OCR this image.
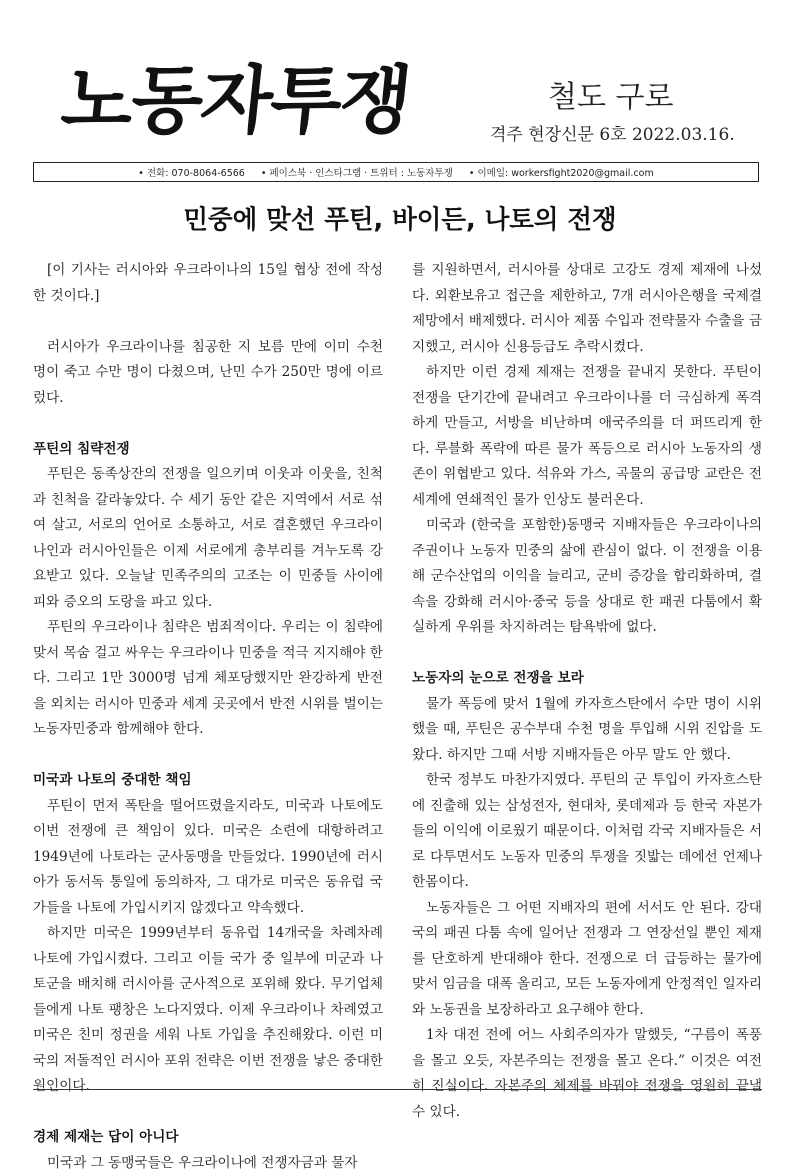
노동자투쟁	철도 구로
격주 현장신문 6호 2022.03.16.
• 전화: 070-8064-6566 • 페이스북 · 인스타그램 · 트위터 : 노동자투쟁 • 이메일: workersfight2020@gmail.com
민중에 맞선 푸틴, 바이든, 나토의 전쟁

[이 기사는 러시아와 우크라이나의 15일 협상 전에 작성한 것이다.]

러시아가 우크라이나를 침공한 지 보름 만에 이미 수천 명이 죽고 수만 명이 다쳤으며, 난민 수가 250만 명에 이르렀다.

푸틴의 침략전쟁

푸틴은 동족상잔의 전쟁을 일으키며 이웃과 이웃을, 친척과 친척을 갈라놓았다. 수 세기 동안 같은 지역에서 서로 섞여 살고, 서로의 언어로 소통하고, 서로 결혼했던 우크라이나인과 러시아인들은 이제 서로에게 총부리를 겨누도록 강요받고 있다. 오늘날 민족주의의 고조는 이 민중들 사이에 피와 증오의 도랑을 파고 있다.

푸틴의 우크라이나 침략은 범죄적이다. 우리는 이 침략에 맞서 목숨 걸고 싸우는 우크라이나 민중을 적극 지지해야 한다. 그리고 1만 3000명 넘게 체포당했지만 완강하게 반전을 외치는 러시아 민중과 세계 곳곳에서 반전 시위를 벌이는 노동자민중과 함께해야 한다.

미국과 나토의 중대한 책임

푸틴이 먼저 폭탄을 떨어뜨렸을지라도, 미국과 나토에도 이번 전쟁에 큰 책임이 있다. 미국은 소련에 대항하려고 1949년에 나토라는 군사동맹을 만들었다. 1990년에 러시아가 동서독 통일에 동의하자, 그 대가로 미국은 동유럽 국가들을 나토에 가입시키지 않겠다고 약속했다.

하지만 미국은 1999년부터 동유럽 14개국을 차례차례 나토에 가입시켰다. 그리고 이들 국가 중 일부에 미군과 나토군을 배치해 러시아를 군사적으로 포위해 왔다. 무기업체들에게 나토 팽창은 노다지였다. 이제 우크라이나 차례였고 미국은 친미 정권을 세워 나토 가입을 추진해왔다. 이런 미국의 저돌적인 러시아 포위 전략은 이번 전쟁을 낳은 중대한 원인이다.

경제 제재는 답이 아니다

미국과 그 동맹국들은 우크라이나에 전쟁자금과 물자

를 지원하면서, 러시아를 상대로 고강도 경제 제재에 나섰다. 외환보유고 접근을 제한하고, 7개 러시아은행을 국제결제망에서 배제했다. 러시아 제품 수입과 전략물자 수출을 금지했고, 러시아 신용등급도 추락시켰다.

하지만 이런 경제 제재는 전쟁을 끝내지 못한다. 푸틴이 전쟁을 단기간에 끝내려고 우크라이나를 더 극심하게 폭격하게 만들고, 서방을 비난하며 애국주의를 더 퍼뜨리게 한다. 루블화 폭락에 따른 물가 폭등으로 러시아 노동자의 생존이 위협받고 있다. 석유와 가스, 곡물의 공급망 교란은 전 세계에 연쇄적인 물가 인상도 불러온다.

미국과 (한국을 포함한)동맹국 지배자들은 우크라이나의 주권이나 노동자 민중의 삶에 관심이 없다. 이 전쟁을 이용해 군수산업의 이익을 늘리고, 군비 증강을 합리화하며, 결속을 강화해 러시아·중국 등을 상대로 한 패권 다툼에서 확실하게 우위를 차지하려는 탐욕밖에 없다.

노동자의 눈으로 전쟁을 보라

물가 폭등에 맞서 1월에 카자흐스탄에서 수만 명이 시위했을 때, 푸틴은 공수부대 수천 명을 투입해 시위 진압을 도왔다. 하지만 그때 서방 지배자들은 아무 말도 안 했다.

한국 정부도 마찬가지였다. 푸틴의 군 투입이 카자흐스탄에 진출해 있는 삼성전자, 현대차, 롯데제과 등 한국 자본가들의 이익에 이로웠기 때문이다. 이처럼 각국 지배자들은 서로 다투면서도 노동자 민중의 투쟁을 짓밟는 데에선 언제나 한몸이다.

노동자들은 그 어떤 지배자의 편에 서서도 안 된다. 강대국의 패권 다툼 속에 일어난 전쟁과 그 연장선일 뿐인 제재를 단호하게 반대해야 한다. 전쟁으로 더 급등하는 물가에 맞서 임금을 대폭 올리고, 모든 노동자에게 안정적인 일자리와 노동권을 보장하라고 요구해야 한다.

1차 대전 전에 어느 사회주의자가 말했듯, “구름이 폭풍을 몰고 오듯, 자본주의는 전쟁을 몰고 온다.” 이것은 여전히 진실이다. 자본주의 체제를 바꿔야 전쟁을 영원히 끝낼 수 있다.
